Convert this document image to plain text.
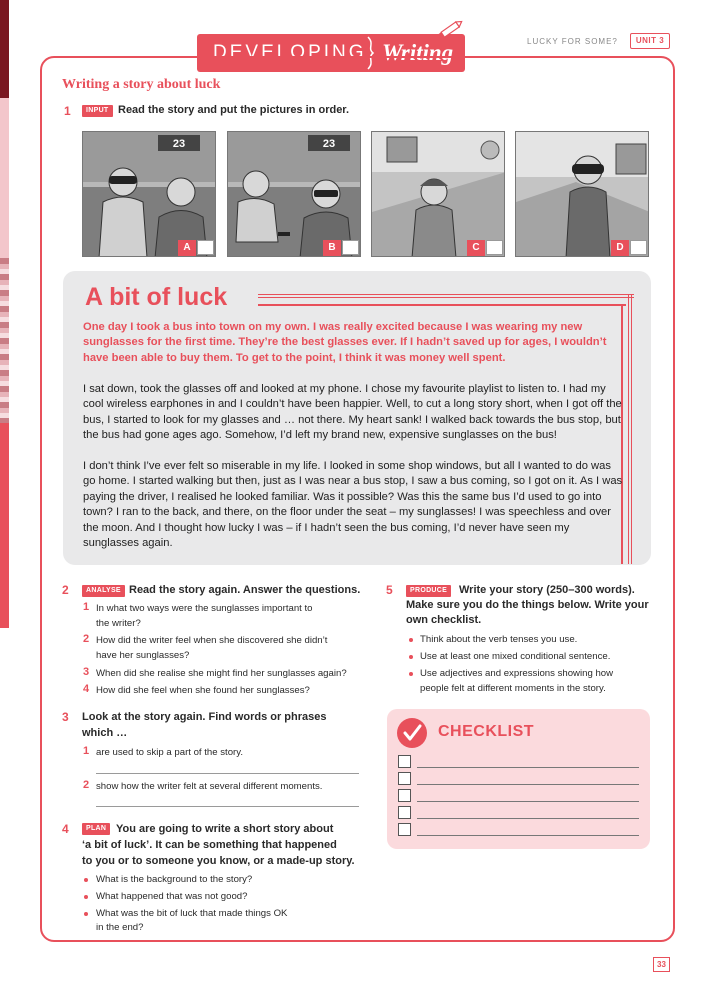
DEVELOPING Writing	LUCKY FOR SOME?	UNIT 3
Writing a story about luck
1	INPUT Read the story and put the pictures in order.
23
A
23
B	C	D
A bit of luck
One day I took a bus into town on my own. I was really excited because I was wearing my new sunglasses for the first time. They’re the best glasses ever. If I hadn’t saved up for ages, I wouldn’t have been able to buy them. To get to the point, I think it was money well spent.
I sat down, took the glasses off and looked at my phone. I chose my favourite playlist to listen to. I had my cool wireless earphones in and I couldn’t have been happier. Well, to cut a long story short, when I got off the bus, I started to look for my glasses and … not there. My heart sank! I walked back towards the bus stop, but the bus had gone ages ago. Somehow, I’d left my brand new, expensive sunglasses on the bus!
I don’t think I’ve ever felt so miserable in my life. I looked in some shop windows, but all I wanted to do was go home. I started walking but then, just as I was near a bus stop, I saw a bus coming, so I got on it. As I was paying the driver, I realised he looked familiar. Was it possible? Was this the same bus I’d used to go into town? I ran to the back, and there, on the floor under the seat – my sunglasses! I was speechless and over the moon. And I thought how lucky I was – if I hadn’t seen the bus coming, I’d never have seen my sunglasses again.
2	ANALYSE Read the story again. Answer the questions.
1 In what two ways were the sunglasses important to
the writer?
2 How did the writer feel when she discovered she didn’t
have her sunglasses?
3 When did she realise she might find her sunglasses again?
4 How did she feel when she found her sunglasses?
3 Look at the story again. Find words or phrases
which …
1 are used to skip a part of the story.
2 show how the writer felt at several different moments.
4	PLAN You are going to write a short story about
‘a bit of luck’. It can be something that happened
to you or to someone you know, or a made-up story.
What is the background to the story?
What happened that was not good?
What was the bit of luck that made things OK
in the end?
5	PRODUCE	Write your story (250–300 words).
Make sure you do the things below. Write your
own checklist.
Think about the verb tenses you use.
Use at least one mixed conditional sentence.
Use adjectives and expressions showing how
people felt at different moments in the story.
CHECKLIST
33
